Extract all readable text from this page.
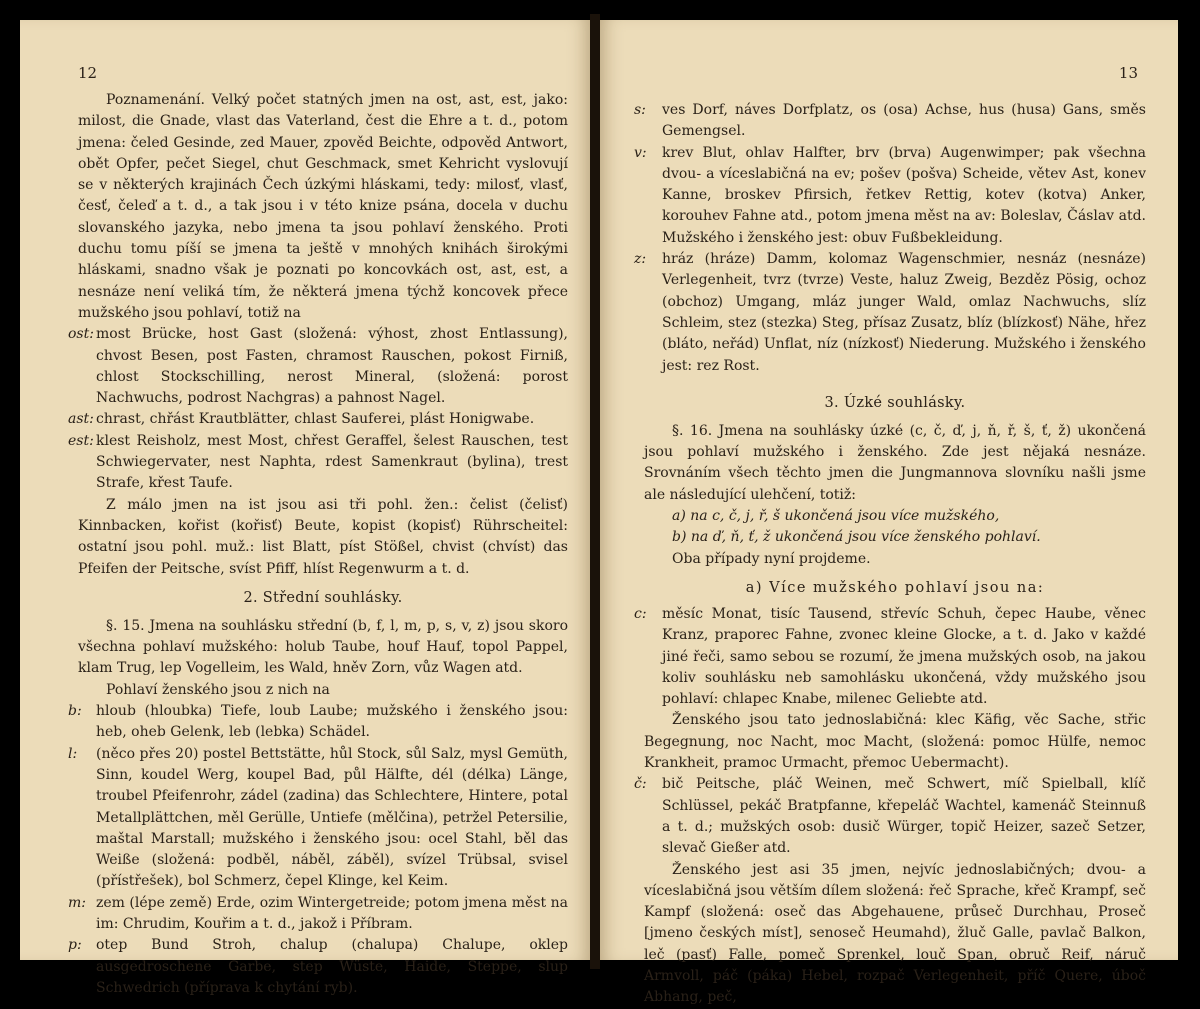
12

Poznamenání. Velký počet statných jmen na ost, ast, est, jako: milost, die Gnade, vlast das Vaterland, čest die Ehre a t. d., potom jmena: čeled Gesinde, zed Mauer, zpověd Beichte, odpověd Antwort, obět Opfer, pečet Siegel, chut Geschmack, smet Kehricht vyslovují se v některých krajinách Čech úzkými hláskami, tedy: milosť, vlasť, česť, čeleď a t. d., a tak jsou i v této knize psána, docela v duchu slovanského jazyka, nebo jmena ta jsou pohlaví ženského. Proti duchu tomu píší se jmena ta ještě v mnohých knihách širokými hláskami, snadno však je poznati po koncovkách ost, ast, est, a nesnáze není veliká tím, že některá jmena týchž koncovek přece mužského jsou pohlaví, totiž na

ost: most Brücke, host Gast (složená: výhost, zhost Entlassung), chvost Besen, post Fasten, chramost Rauschen, pokost Firniß, chlost Stockschilling, nerost Mineral, (složená: porost Nachwuchs, podrost Nachgras) a pahnost Nagel.
ast: chrast, chřást Krautblätter, chlast Sauferei, plást Honigwabe.
est: klest Reisholz, mest Most, chřest Geraffel, šelest Rauschen, test Schwiegervater, nest Naphta, rdest Samenkraut (bylina), trest Strafe, křest Taufe.

Z málo jmen na ist jsou asi tři pohl. žen.: čelist (čelisť) Kinnbacken, kořist (kořisť) Beute, kopist (kopisť) Rührscheitel: ostatní jsou pohl. muž.: list Blatt, píst Stößel, chvist (chvíst) das Pfeifen der Peitsche, svíst Pfiff, hlíst Regenwurm a t. d.

2. Střední souhlásky.

§. 15. Jmena na souhlásku střední (b, f, l, m, p, s, v, z) jsou skoro všechna pohlaví mužského: holub Taube, houf Hauf, topol Pappel, klam Trug, lep Vogelleim, les Wald, hněv Zorn, vůz Wagen atd.

Pohlaví ženského jsou z nich na

b:	hloub (hloubka) Tiefe, loub Laube; mužského i ženského jsou: heb, oheb Gelenk, leb (lebka) Schädel.
l:	(něco přes 20) postel Bettstätte, hůl Stock, sůl Salz, mysl Gemüth, Sinn, koudel Werg, koupel Bad, půl Hälfte, dél (délka) Länge, troubel Pfeifenrohr, zádel (zadina) das Schlechtere, Hintere, potal Metallplättchen, měl Gerülle, Untiefe (mělčina), petržel Petersilie, maštal Marstall; mužského i ženského jsou: ocel Stahl, běl das Weiße (složená: podběl, náběl, záběl), svízel Trübsal, svisel (přístřešek), bol Schmerz, čepel Klinge, kel Keim.
m: zem (lépe země) Erde, ozim Wintergetreide; potom jmena měst na im: Chrudim, Kouřim a t. d., jakož i Příbram.
p:	otep Bund Stroh, chalup (chalupa) Chalupe, oklep ausgedroschene Garbe, step Wüste, Haide, Steppe, slup Schwedrich (příprava k chytání ryb).
13
s:	ves Dorf, náves Dorfplatz, os (osa) Achse, hus (husa) Gans, směs Gemengsel.
v:	krev Blut, ohlav Halfter, brv (brva) Augenwimper; pak všechna dvou- a víceslabičná na ev; pošev (pošva) Scheide, větev Ast, konev Kanne, broskev Pfirsich, řetkev Rettig, kotev (kotva) Anker, korouhev Fahne atd., potom jmena měst na av: Boleslav, Čáslav atd. Mužského i ženského jest: obuv Fußbekleidung.
z:	hráz (hráze) Damm, kolomaz Wagenschmier, nesnáz (nesnáze) Verlegenheit, tvrz (tvrze) Veste, haluz Zweig, Bezděz Pösig, ochoz (obchoz) Umgang, mláz junger Wald, omlaz Nachwuchs, slíz Schleim, stez (stezka) Steg, přísaz Zusatz, blíz (blízkosť) Nähe, hřez (bláto, neřád) Unflat, níz (nízkosť) Niederung. Mužského i ženského jest: rez Rost.
3. Úzké souhlásky.

§. 16. Jmena na souhlásky úzké (c, č, ď, j, ň, ř, š, ť, ž) ukončená jsou pohlaví mužského i ženského. Zde jest nějaká nesnáze. Srovnáním všech těchto jmen die Jungmannova slovníku našli jsme ale následující ulehčení, totiž:

a) na c, č, j, ř, š ukončená jsou více mužského,
b) na ď, ň, ť, ž ukončená jsou více ženského pohlaví.

Oba případy nyní projdeme.

a) Více mužského pohlaví jsou na:
c:	měsíc Monat, tisíc Tausend, střevíc Schuh, čepec Haube, věnec Kranz, praporec Fahne, zvonec kleine Glocke, a t. d. Jako v každé jiné řeči, samo sebou se rozumí, že jmena mužských osob, na jakou koliv souhlásku neb samohlásku ukončená, vždy mužského jsou pohlaví: chlapec Knabe, milenec Geliebte atd.

Ženského jsou tato jednoslabičná: klec Käfig, věc Sache, střic Begegnung, noc Nacht, moc Macht, (složená: pomoc Hülfe, nemoc Krankheit, pramoc Urmacht, přemoc Uebermacht).

č:	bič Peitsche, pláč Weinen, meč Schwert, míč Spielball, klíč Schlüssel, pekáč Bratpfanne, křepeláč Wachtel, kamenáč Steinnuß a t. d.; mužských osob: dusič Würger, topič Heizer, sazeč Setzer, slevač Gießer atd.

Ženského jest asi 35 jmen, nejvíc jednoslabičných; dvou- a víceslabičná jsou větším dílem složená: řeč Sprache, křeč Krampf, seč Kampf (složená: oseč das Abgehauene, průseč Durchhau, Proseč [jmeno českých míst], senoseč Heumahd), žluč Galle, pavlač Balkon, leč (pasť) Falle, pomeč Sprenkel, louč Span, obruč Reif, náruč Armvoll, páč (páka) Hebel, rozpač Verlegenheit, příč Quere, úboč Abhang, peč,
